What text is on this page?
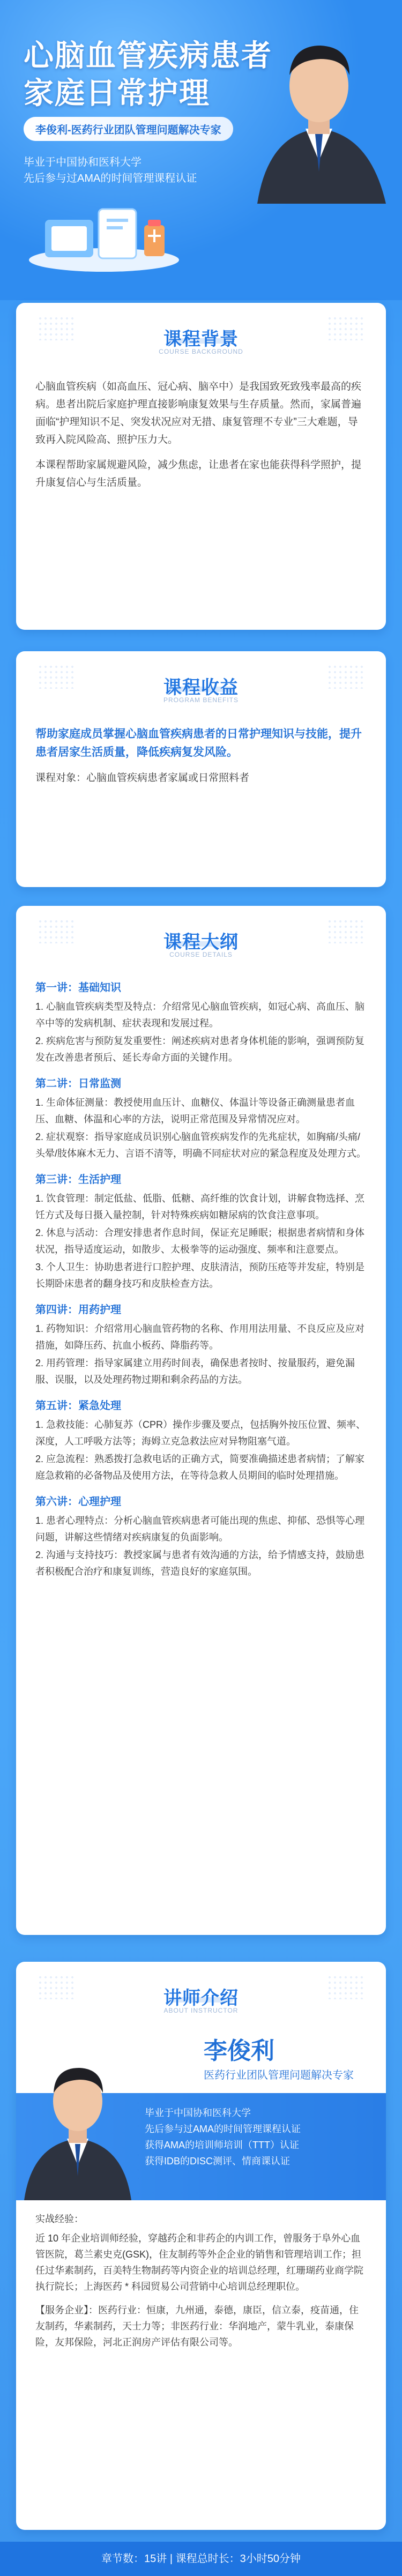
心脑血管疾病患者
家庭日常护理
李俊利-医药行业团队管理问题解决专家
毕业于中国协和医科大学
先后参与过AMA的时间管理课程认证
课程背景
COURSE BACKGROUND

心脑血管疾病（如高血压、冠心病、脑卒中）是我国致死致残率最高的疾病。患者出院后家庭护理直接影响康复效果与生存质量。然而，家属普遍面临“护理知识不足、突发状况应对无措、康复管理不专业”三大难题，导致再入院风险高、照护压力大。

本课程帮助家属规避风险，减少焦虑，让患者在家也能获得科学照护，提升康复信心与生活质量。

课程收益
PROGRAM BENEFITS

帮助家庭成员掌握心脑血管疾病患者的日常护理知识与技能，提升患者居家生活质量，降低疾病复发风险。

课程对象：心脑血管疾病患者家属或日常照料者

课程大纲
COURSE DETAILS
第一讲：基础知识

1. 心脑血管疾病类型及特点：介绍常见心脑血管疾病，如冠心病、高血压、脑卒中等的发病机制、症状表现和发展过程。

2. 疾病危害与预防复发重要性：阐述疾病对患者身体机能的影响，强调预防复发在改善患者预后、延长寿命方面的关键作用。

第二讲：日常监测

1. 生命体征测量：教授使用血压计、血糖仪、体温计等设备正确测量患者血压、血糖、体温和心率的方法，说明正常范围及异常情况应对。

2. 症状观察：指导家庭成员识别心脑血管疾病发作的先兆症状，如胸痛/头痛/头晕/肢体麻木无力、言语不清等，明确不同症状对应的紧急程度及处理方式。

第三讲：生活护理

1. 饮食管理：制定低盐、低脂、低糖、高纤维的饮食计划，讲解食物选择、烹饪方式及每日摄入量控制，针对特殊疾病如糖尿病的饮食注意事项。

2. 休息与活动：合理安排患者作息时间，保证充足睡眠；根据患者病情和身体状况，指导适度运动，如散步、太极拳等的运动强度、频率和注意要点。

3. 个人卫生：协助患者进行口腔护理、皮肤清洁，预防压疮等并发症，特别是长期卧床患者的翻身技巧和皮肤检查方法。

第四讲：用药护理

1. 药物知识：介绍常用心脑血管药物的名称、作用用法用量、不良反应及应对措施，如降压药、抗血小板药、降脂药等。

2. 用药管理：指导家属建立用药时间表，确保患者按时、按量服药，避免漏服、误服，以及处理药物过期和剩余药品的方法。

第五讲：紧急处理

1. 急救技能：心肺复苏（CPR）操作步骤及要点，包括胸外按压位置、频率、深度，人工呼吸方法等；海姆立克急救法应对异物阻塞气道。

2. 应急流程：熟悉拨打急救电话的正确方式，简要准确描述患者病情；了解家庭急救箱的必备物品及使用方法，在等待急救人员期间的临时处理措施。

第六讲：心理护理

1. 患者心理特点：分析心脑血管疾病患者可能出现的焦虑、抑郁、恐惧等心理问题，讲解这些情绪对疾病康复的负面影响。

2. 沟通与支持技巧：教授家属与患者有效沟通的方法，给予情感支持，鼓励患者积极配合治疗和康复训练，营造良好的家庭氛围。

讲师介绍
ABOUT INSTRUCTOR
毕业于中国协和医科大学
先后参与过AMA的时间管理课程认证
获得AMA的培训师培训（TTT）认证
获得IDB的DISC测评、情商课认证
李俊利
医药行业团队管理问题解决专家

实战经验：

近 10 年企业培训师经验，穿越药企和非药企的内训工作，曾服务于阜外心血管医院，葛兰素史克(GSK)，住友制药等外企企业的销售和管理培训工作；担任过华素制药，百美特生物制药等内资企业的培训总经理，红珊瑚药业商学院执行院长；上海医药 * 科园贸易公司营销中心培训总经理职位。

【服务企业】：医药行业：恒康，九州通，泰德，康臣，信立泰，疫苗通，住友制药，华素制药，天士力等；非医药行业：华润地产，蒙牛乳业，泰康保险，友邦保险，河北正润房产评估有限公司等。

章节数：15讲 | 课程总时长：3小时50分钟
